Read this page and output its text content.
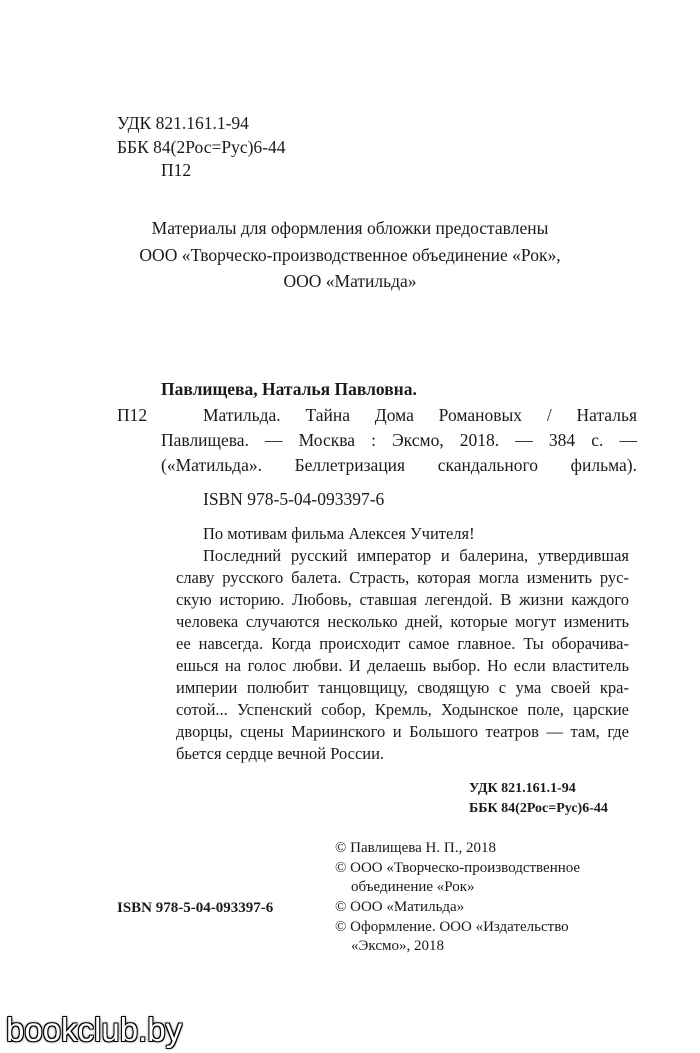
УДК 821.161.1-94
ББК 84(2Рос=Рус)6-44
П12
Материалы для оформления обложки предоставлены
ООО «Творческо-производственное объединение «Рок»,
ООО «Матильда»
Павлищева, Наталья Павловна.
П12	Матильда. Тайна Дома Романовых / Наталья
Павлищева. — Москва : Эксмо, 2018. — 384 с. —
(«Матильда». Беллетризация скандального фильма).
ISBN 978-5-04-093397-6
По мотивам фильма Алексея Учителя!
Последний русский император и балерина, утвердившая
славу русского балета. Страсть, которая могла изменить рус-
скую историю. Любовь, ставшая легендой. В жизни каждого
человека случаются несколько дней, которые могут изменить
ее навсегда. Когда происходит самое главное. Ты оборачива-
ешься на голос любви. И делаешь выбор. Но если властитель
империи полюбит танцовщицу, сводящую с ума своей кра-
сотой... Успенский собор, Кремль, Ходынское поле, царские
дворцы, сцены Мариинского и Большого театров — там, где
бьется сердце вечной России.
УДК 821.161.1-94
ББК 84(2Рос=Рус)6-44
© Павлищева Н. П., 2018
© ООО «Творческо-производственное
объединение «Рок»
© ООО «Матильда»
© Оформление. ООО «Издательство
«Эксмо», 2018
ISBN 978-5-04-093397-6
bookclub.by
